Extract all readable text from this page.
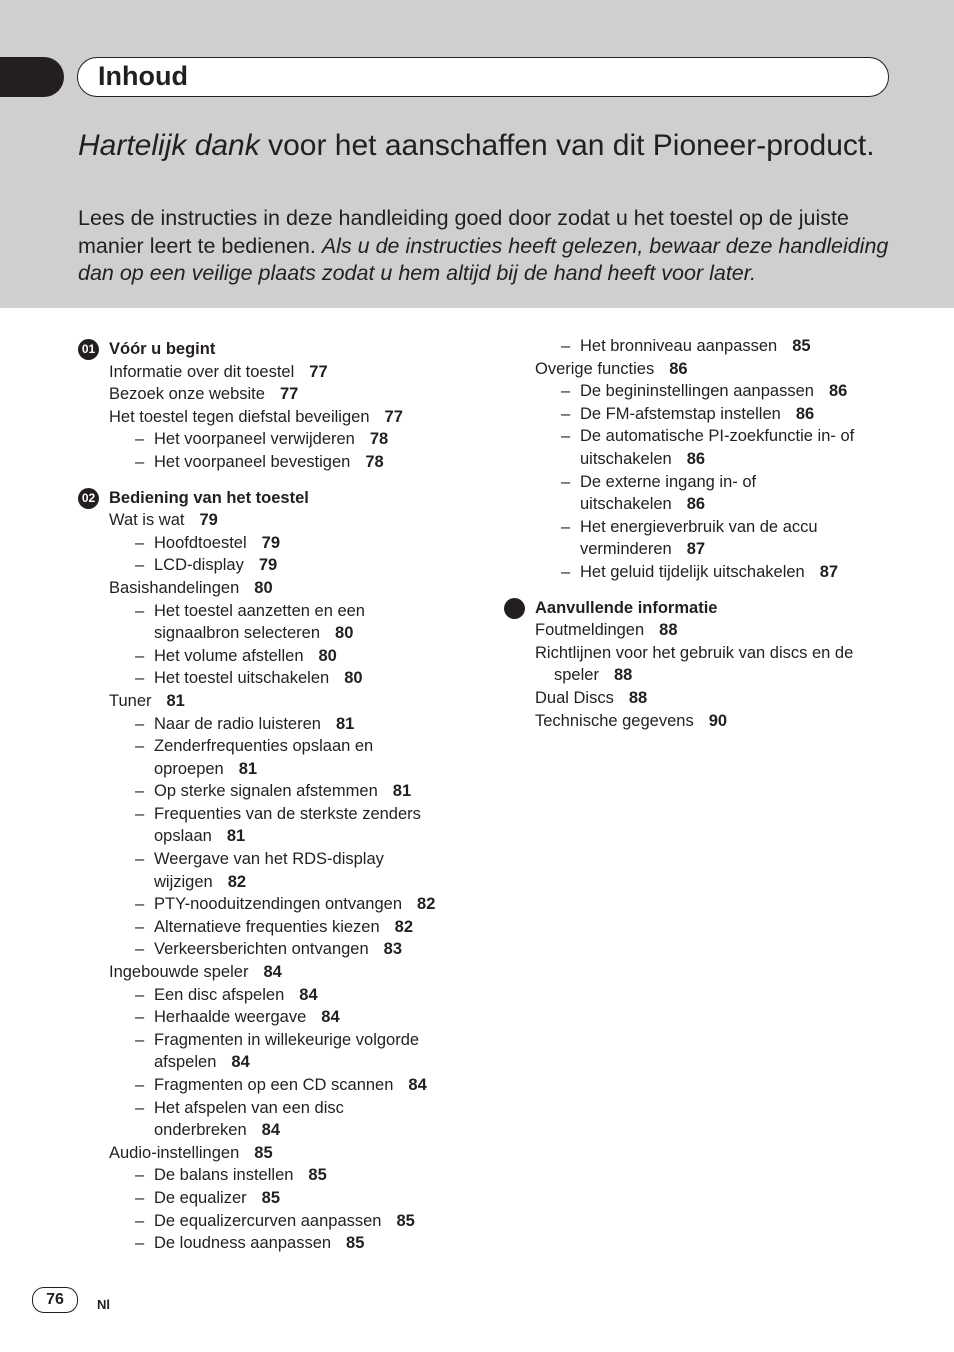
Inhoud
Hartelijk dank voor het aanschaffen van dit Pioneer-product.

Lees de instructies in deze handleiding goed door zodat u het toestel op de juiste manier leert te bedienen. Als u de instructies heeft gelezen, bewaar deze handleiding dan op een veilige plaats zodat u hem altijd bij de hand heeft voor later.

01 Vóór u begint
Informatie over dit toestel 77
Bezoek onze website 77
Het toestel tegen diefstal beveiligen 77
– Het voorpaneel verwijderen 78
– Het voorpaneel bevestigen 78
02 Bediening van het toestel
Wat is wat 79
– Hoofdtoestel 79
– LCD-display 79
Basishandelingen 80
– Het toestel aanzetten en een
signaalbron selecteren 80
– Het volume afstellen 80
– Het toestel uitschakelen 80
Tuner 81
– Naar de radio luisteren 81
– Zenderfrequenties opslaan en
oproepen 81
– Op sterke signalen afstemmen 81
– Frequenties van de sterkste zenders
opslaan 81
– Weergave van het RDS-display
wijzigen 82
– PTY-nooduitzendingen ontvangen 82
– Alternatieve frequenties kiezen 82
– Verkeersberichten ontvangen 83
Ingebouwde speler 84
– Een disc afspelen 84
– Herhaalde weergave 84
– Fragmenten in willekeurige volgorde
afspelen 84
– Fragmenten op een CD scannen 84
– Het afspelen van een disc
onderbreken 84
Audio-instellingen 85
– De balans instellen 85
– De equalizer 85
– De equalizercurven aanpassen 85
– De loudness aanpassen 85
– Het bronniveau aanpassen 85
Overige functies 86
– De begininstellingen aanpassen 86
– De FM-afstemstap instellen 86
– De automatische PI-zoekfunctie in- of
uitschakelen 86
– De externe ingang in- of
uitschakelen 86
– Het energieverbruik van de accu
verminderen 87
– Het geluid tijdelijk uitschakelen 87
Aanvullende informatie
Foutmeldingen 88
Richtlijnen voor het gebruik van discs en de
speler 88
Dual Discs 88
Technische gegevens 90
76	Nl
